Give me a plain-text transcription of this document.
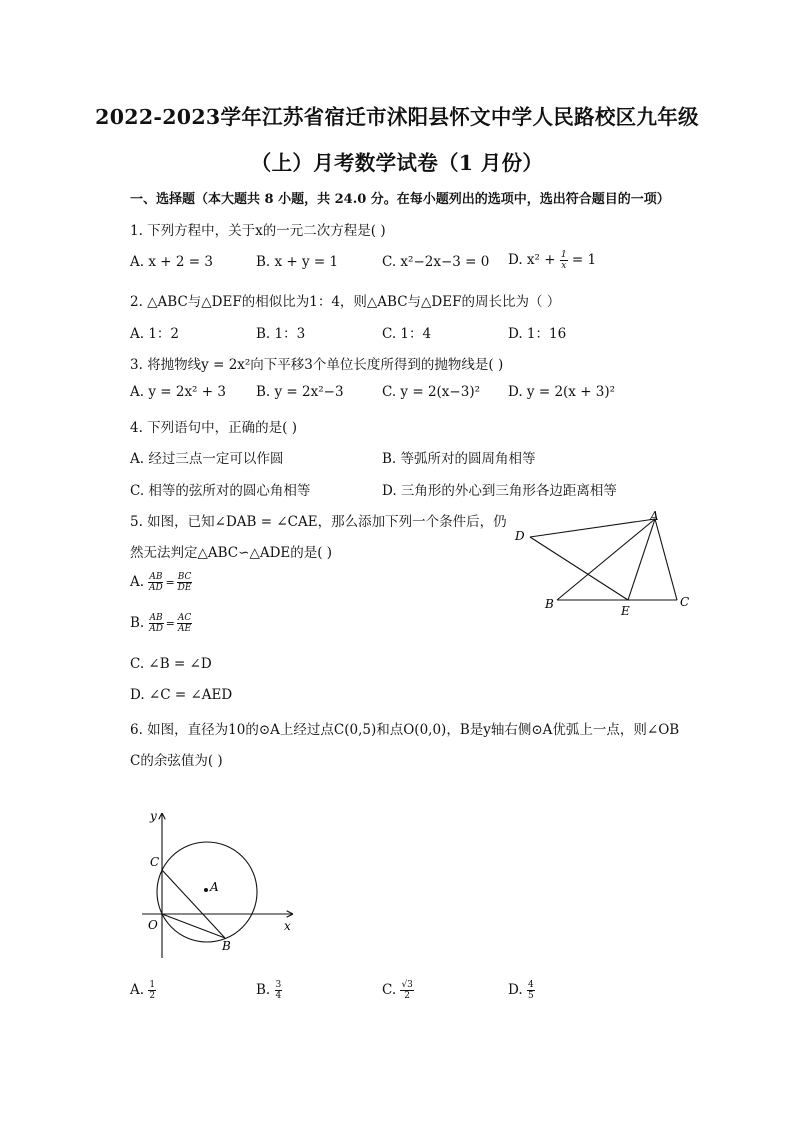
2022-2023学年江苏省宿迁市沭阳县怀文中学人民路校区九年级
（上）月考数学试卷（1 月份）
一、选择题（本大题共 8 小题，共 24.0 分。在每小题列出的选项中，选出符合题目的一项）
1. 下列方程中，关于x的一元二次方程是( )
A. x + 2 = 3	B. x + y = 1	C. x²−2x−3 = 0 D. $x^2 + \frac{1}{x} = 1$
2. △ABC与△DEF的相似比为1：4，则△ABC与△DEF的周长比为（ ）
A. 1：2	B. 1：3	C. 1：4	D. 1：16
3. 将抛物线y = 2x²向下平移3个单位长度所得到的抛物线是( )
A. y = 2x² + 3 B. y = 2x²−3	C. y = 2(x−3)² D. y = 2(x + 3)²
4. 下列语句中，正确的是( )
A. 经过三点一定可以作圆	B. 等弧所对的圆周角相等
C. 相等的弦所对的圆心角相等	D. 三角形的外心到三角形各边距离相等
5. 如图，已知∠DAB = ∠CAE，那么添加下列一个条件后，仍
然无法判定△ABC∽△ADE的是( )
A. $\frac{AB}{AD} = \frac{BC}{DE}$
B. $\frac{AB}{AD} = \frac{AC}{AE}$
C. ∠B = ∠D
D. ∠C = ∠AED
A
D
B	E
C
6. 如图，直径为10的⊙A上经过点C(0,5)和点O(0,0)，B是y轴右侧⊙A优弧上一点，则∠OB
C的余弦值为( )
y
x
C
A
O
B
A. $\frac{1}{2}$	B. $\frac{3}{4}$	C. $\frac{√3}{2}$	D. $\frac{4}{5}$
